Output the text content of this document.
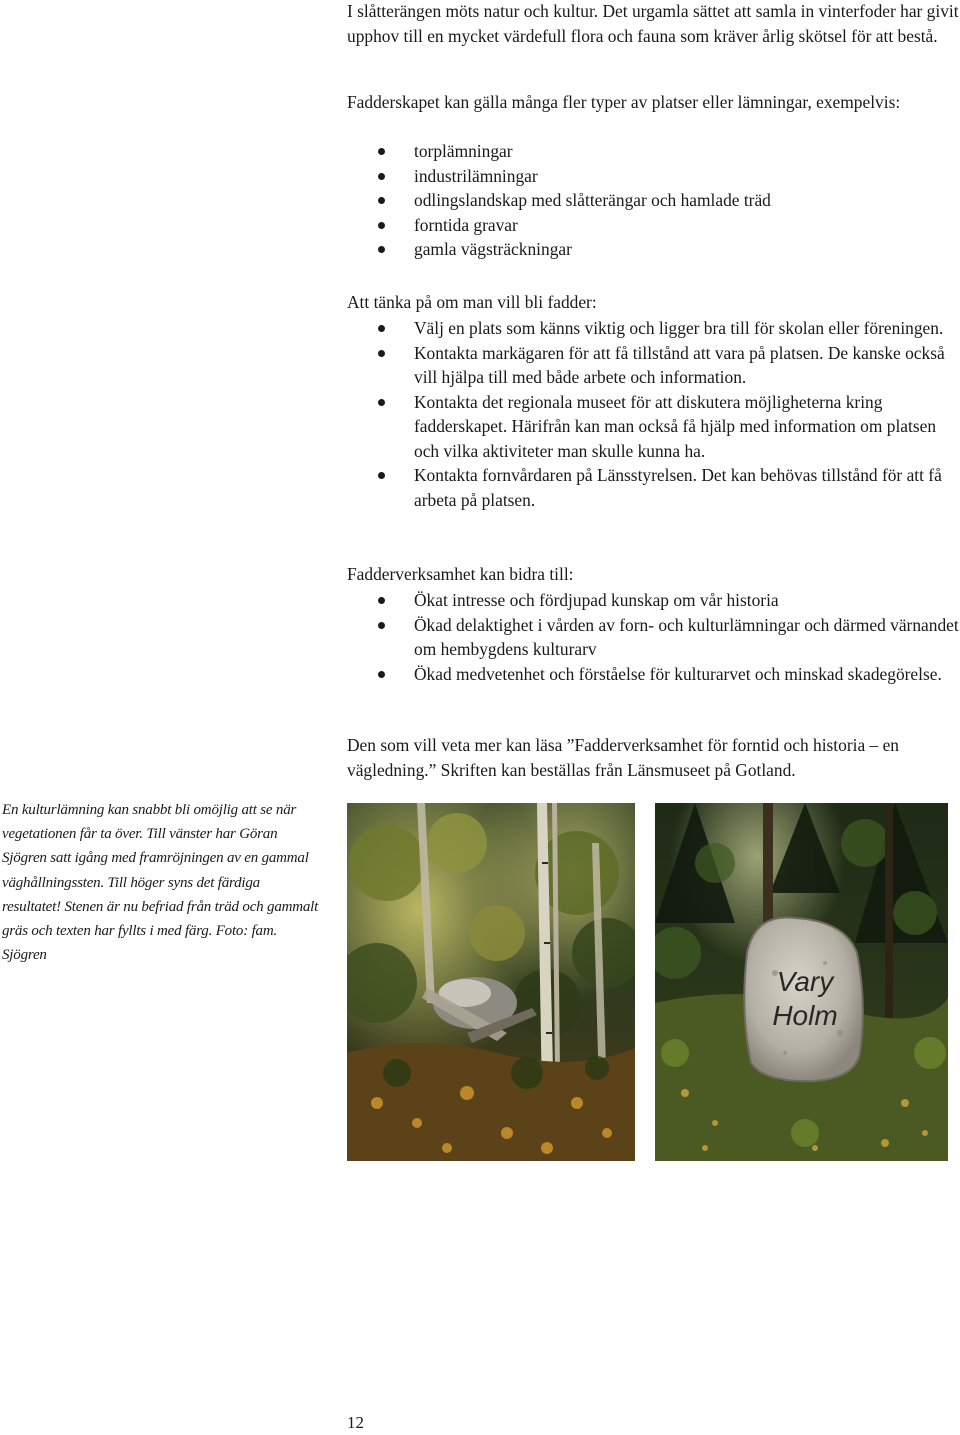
I slåtterängen möts natur och kultur. Det urgamla sättet att samla in vinterfoder har givit upphov till en mycket värdefull flora och fauna som kräver årlig skötsel för att bestå.

Fadderskapet kan gälla många fler typer av platser eller lämningar, exempelvis:

torplämningar
industrilämningar
odlingslandskap med slåtterängar och hamlade träd
forntida gravar
gamla vägsträckningar

Att tänka på om man vill bli fadder:

Välj en plats som känns viktig och ligger bra till för skolan eller föreningen.
Kontakta markägaren för att få tillstånd att vara på platsen. De kanske också vill hjälpa till med både arbete och information.
Kontakta det regionala museet för att diskutera möjligheterna kring fadderskapet. Härifrån kan man också få hjälp med information om platsen och vilka aktiviteter man skulle kunna ha.
Kontakta fornvårdaren på Länsstyrelsen. Det kan behövas tillstånd för att få arbeta på platsen.

Fadderverksamhet kan bidra till:

Ökat intresse och fördjupad kunskap om vår historia
Ökad delaktighet i vården av forn- och kulturlämningar och därmed värnandet om hembygdens kulturarv
Ökad medvetenhet och förståelse för kulturarvet och minskad skadegörelse.

Den som vill veta mer kan läsa ”Fadderverksamhet för forntid och historia – en vägledning.” Skriften kan beställas från Länsmuseet på Gotland.

En kulturlämning kan snabbt bli omöjlig att se när vegetationen får ta över. Till vänster har Göran Sjögren satt igång med framröjningen av en gammal väghållningssten. Till höger syns det färdiga resultatet! Stenen är nu befriad från träd och gammalt gräs och texten har fyllts i med färg. Foto: fam. Sjögren
Vary
Holm
12
